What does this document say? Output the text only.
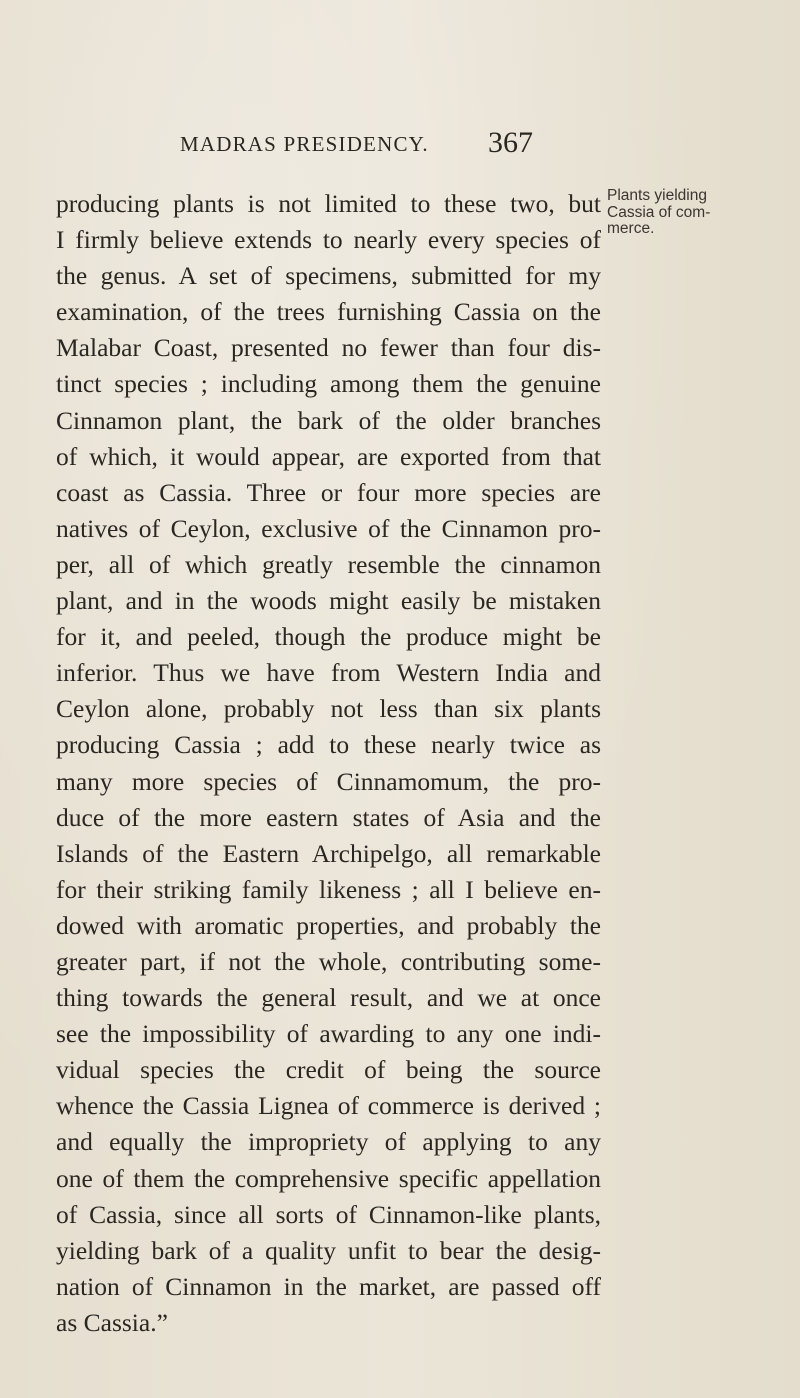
MADRAS PRESIDENCY. 367
Plants yielding
Cassia of com-
merce.
producing plants is not limited to these two, but
I firmly believe extends to nearly every species of
the genus. A set of specimens, submitted for my
examination, of the trees furnishing Cassia on the
Malabar Coast, presented no fewer than four dis-
tinct species ; including among them the genuine
Cinnamon plant, the bark of the older branches
of which, it would appear, are exported from that
coast as Cassia. Three or four more species are
natives of Ceylon, exclusive of the Cinnamon pro-
per, all of which greatly resemble the cinnamon
plant, and in the woods might easily be mistaken
for it, and peeled, though the produce might be
inferior. Thus we have from Western India and
Ceylon alone, probably not less than six plants
producing Cassia ; add to these nearly twice as
many more species of Cinnamomum, the pro-
duce of the more eastern states of Asia and the
Islands of the Eastern Archipelgo, all remarkable
for their striking family likeness ; all I believe en-
dowed with aromatic properties, and probably the
greater part, if not the whole, contributing some-
thing towards the general result, and we at once
see the impossibility of awarding to any one indi-
vidual species the credit of being the source
whence the Cassia Lignea of commerce is derived ;
and equally the impropriety of applying to any
one of them the comprehensive specific appellation
of Cassia, since all sorts of Cinnamon-like plants,
yielding bark of a quality unfit to bear the desig-
nation of Cinnamon in the market, are passed off
as Cassia.”
